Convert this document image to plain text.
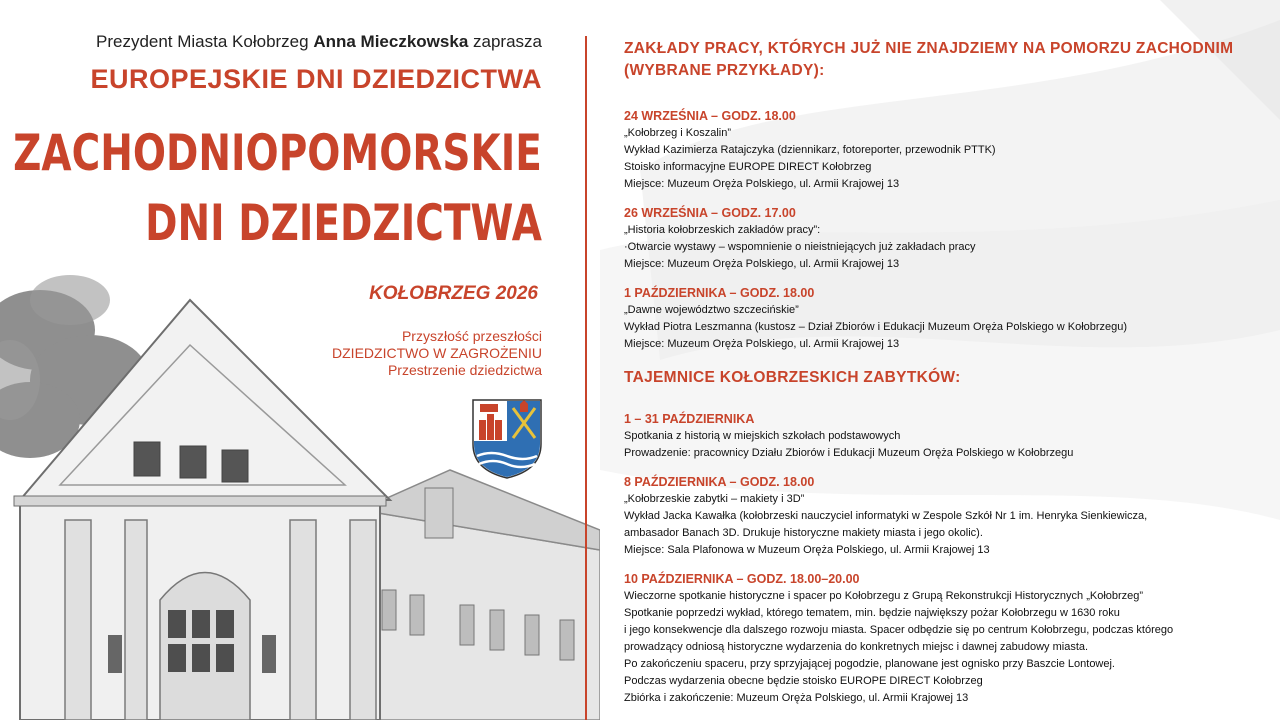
Prezydent Miasta Kołobrzeg Anna Mieczkowska zaprasza
EUROPEJSKIE DNI DZIEDZICTWA
ZACHODNIOPOMORSKIE
DNI DZIEDZICTWA
KOŁOBRZEG 2026
Przyszłość przeszłości
DZIEDZICTWO W ZAGROŻENIU
Przestrzenie dziedzictwa
ZAKŁADY PRACY, KTÓRYCH JUŻ NIE ZNAJDZIEMY NA POMORZU ZACHODNIM (WYBRANE PRZYKŁADY):
24 WRZEŚNIA – GODZ. 18.00
„Kołobrzeg i Koszalin”
Wykład Kazimierza Ratajczyka (dziennikarz, fotoreporter, przewodnik PTTK)
Stoisko informacyjne EUROPE DIRECT Kołobrzeg
Miejsce: Muzeum Oręża Polskiego, ul. Armii Krajowej 13
26 WRZEŚNIA – GODZ. 17.00
„Historia kołobrzeskich zakładów pracy”:
·Otwarcie wystawy – wspomnienie o nieistniejących już zakładach pracy
Miejsce: Muzeum Oręża Polskiego, ul. Armii Krajowej 13
1 PAŹDZIERNIKA – GODZ. 18.00
„Dawne województwo szczecińskie”
Wykład Piotra Leszmanna (kustosz – Dział Zbiorów i Edukacji Muzeum Oręża Polskiego w Kołobrzegu)
Miejsce: Muzeum Oręża Polskiego, ul. Armii Krajowej 13
TAJEMNICE KOŁOBRZESKICH ZABYTKÓW:
1 – 31 PAŹDZIERNIKA
Spotkania z historią w miejskich szkołach podstawowych
Prowadzenie: pracownicy Działu Zbiorów i Edukacji Muzeum Oręża Polskiego w Kołobrzegu
8 PAŹDZIERNIKA – GODZ. 18.00
„Kołobrzeskie zabytki – makiety i 3D”
Wykład Jacka Kawałka (kołobrzeski nauczyciel informatyki w Zespole Szkół Nr 1 im. Henryka Sienkiewicza,
ambasador Banach 3D. Drukuje historyczne makiety miasta i jego okolic).
Miejsce: Sala Plafonowa w Muzeum Oręża Polskiego, ul. Armii Krajowej 13
10 PAŹDZIERNIKA – GODZ. 18.00–20.00
Wieczorne spotkanie historyczne i spacer po Kołobrzegu z Grupą Rekonstrukcji Historycznych „Kołobrzeg”
Spotkanie poprzedzi wykład, którego tematem, min. będzie największy pożar Kołobrzegu w 1630 roku
i jego konsekwencje dla dalszego rozwoju miasta. Spacer odbędzie się po centrum Kołobrzegu, podczas którego
prowadzący odniosą historyczne wydarzenia do konkretnych miejsc i dawnej zabudowy miasta.
Po zakończeniu spaceru, przy sprzyjającej pogodzie, planowane jest ognisko przy Baszcie Lontowej.
Podczas wydarzenia obecne będzie stoisko EUROPE DIRECT Kołobrzeg
Zbiórka i zakończenie: Muzeum Oręża Polskiego, ul. Armii Krajowej 13
